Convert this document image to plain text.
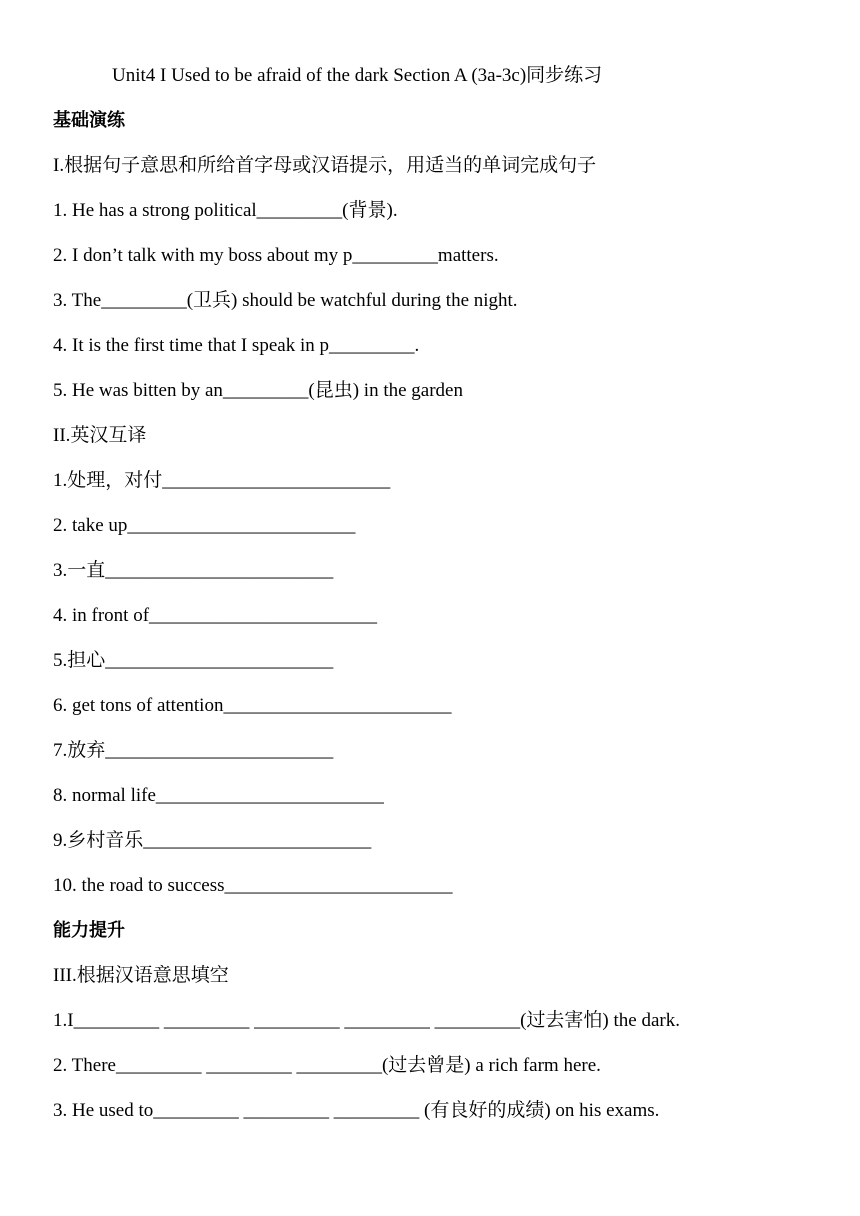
Unit4 I Used to be afraid of the dark Section A (3a-3c)同步练习
基础演练
I.根据句子意思和所给首字母或汉语提示，用适当的单词完成句子
1. He has a strong political_________(背景).
2. I don’t talk with my boss about my p_________matters.
3. The_________(卫兵) should be watchful during the night.
4. It is the first time that I speak in p_________.
5. He was bitten by an_________(昆虫) in the garden
II.英汉互译
1.处理，对付________________________
2. take up________________________
3.一直________________________
4. in front of________________________
5.担心________________________
6. get tons of attention________________________
7.放弃________________________
8. normal life________________________
9.乡村音乐________________________
10. the road to success________________________
能力提升
III.根据汉语意思填空
1.I_________ _________ _________ _________ _________(过去害怕) the dark.
2. There_________ _________ _________(过去曾是) a rich farm here.
3. He used to_________ _________ _________ (有良好的成绩) on his exams.
